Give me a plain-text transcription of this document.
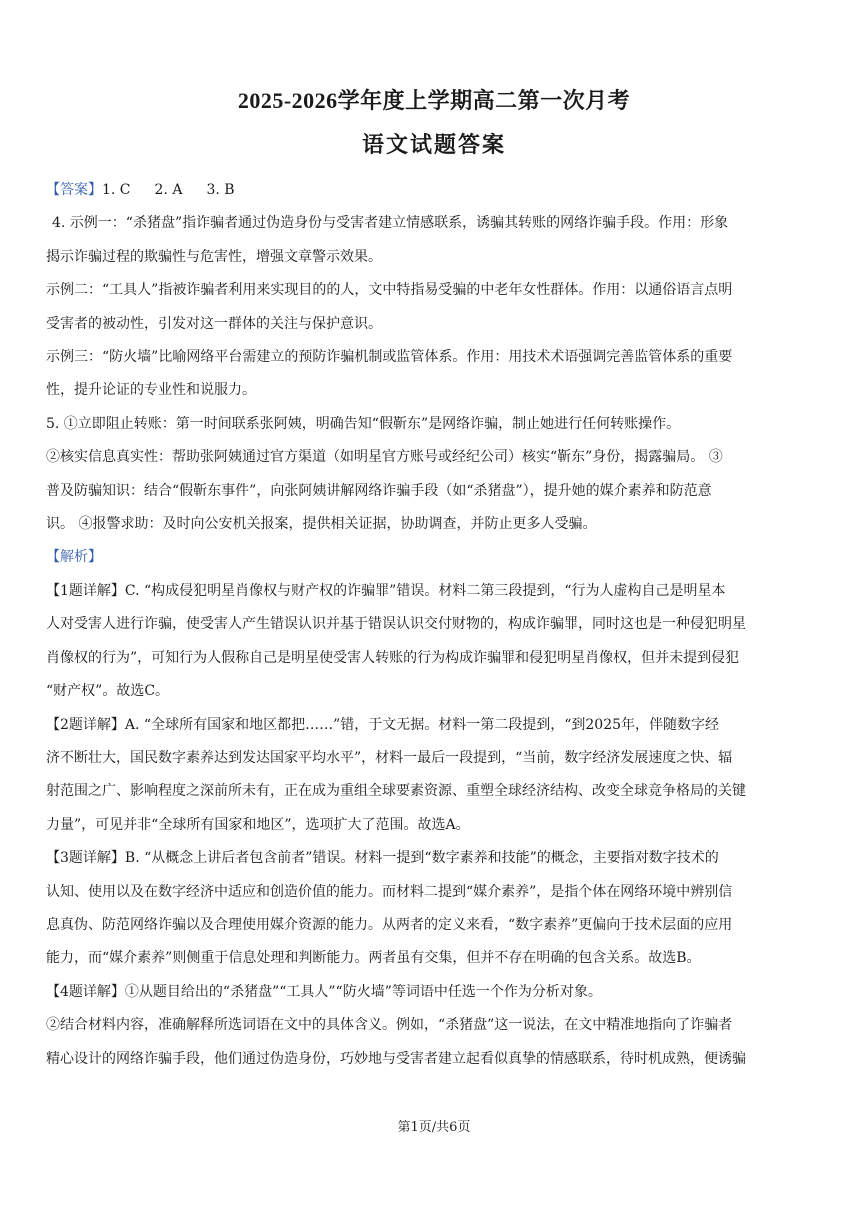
2025-2026学年度上学期高二第一次月考
语文试题答案

【答案】1. C 2. A 3. B

4. 示例一：“杀猪盘”指诈骗者通过伪造身份与受害者建立情感联系，诱骗其转账的网络诈骗手段。作用：形象

揭示诈骗过程的欺骗性与危害性，增强文章警示效果。

示例二：“工具人”指被诈骗者利用来实现目的的人，文中特指易受骗的中老年女性群体。作用：以通俗语言点明

受害者的被动性，引发对这一群体的关注与保护意识。

示例三：“防火墙”比喻网络平台需建立的预防诈骗机制或监管体系。作用：用技术术语强调完善监管体系的重要

性，提升论证的专业性和说服力。

5. ①立即阻止转账：第一时间联系张阿姨，明确告知“假靳东”是网络诈骗，制止她进行任何转账操作。

②核实信息真实性：帮助张阿姨通过官方渠道（如明星官方账号或经纪公司）核实“靳东”身份，揭露骗局。 ③

普及防骗知识：结合“假靳东事件”，向张阿姨讲解网络诈骗手段（如“杀猪盘”），提升她的媒介素养和防范意

识。 ④报警求助：及时向公安机关报案，提供相关证据，协助调查，并防止更多人受骗。

【解析】

【1题详解】C. “构成侵犯明星肖像权与财产权的诈骗罪”错误。材料二第三段提到，“行为人虚构自己是明星本

人对受害人进行诈骗，使受害人产生错误认识并基于错误认识交付财物的，构成诈骗罪，同时这也是一种侵犯明星

肖像权的行为”，可知行为人假称自己是明星使受害人转账的行为构成诈骗罪和侵犯明星肖像权，但并未提到侵犯

“财产权”。故选C。

【2题详解】A. “全球所有国家和地区都把……”错，于文无据。材料一第二段提到，“到2025年，伴随数字经

济不断壮大，国民数字素养达到发达国家平均水平”，材料一最后一段提到，“当前，数字经济发展速度之快、辐

射范围之广、影响程度之深前所未有，正在成为重组全球要素资源、重塑全球经济结构、改变全球竞争格局的关键

力量”，可见并非“全球所有国家和地区”，选项扩大了范围。故选A。

【3题详解】B. “从概念上讲后者包含前者”错误。材料一提到“数字素养和技能”的概念，主要指对数字技术的

认知、使用以及在数字经济中适应和创造价值的能力。而材料二提到“媒介素养”，是指个体在网络环境中辨别信

息真伪、防范网络诈骗以及合理使用媒介资源的能力。从两者的定义来看，“数字素养”更偏向于技术层面的应用

能力，而“媒介素养”则侧重于信息处理和判断能力。两者虽有交集，但并不存在明确的包含关系。故选B。

【4题详解】①从题目给出的“杀猪盘”“工具人”“防火墙”等词语中任选一个作为分析对象。

②结合材料内容，准确解释所选词语在文中的具体含义。例如，“杀猪盘”这一说法，在文中精准地指向了诈骗者

精心设计的网络诈骗手段，他们通过伪造身份，巧妙地与受害者建立起看似真挚的情感联系，待时机成熟，便诱骗

第1页/共6页
